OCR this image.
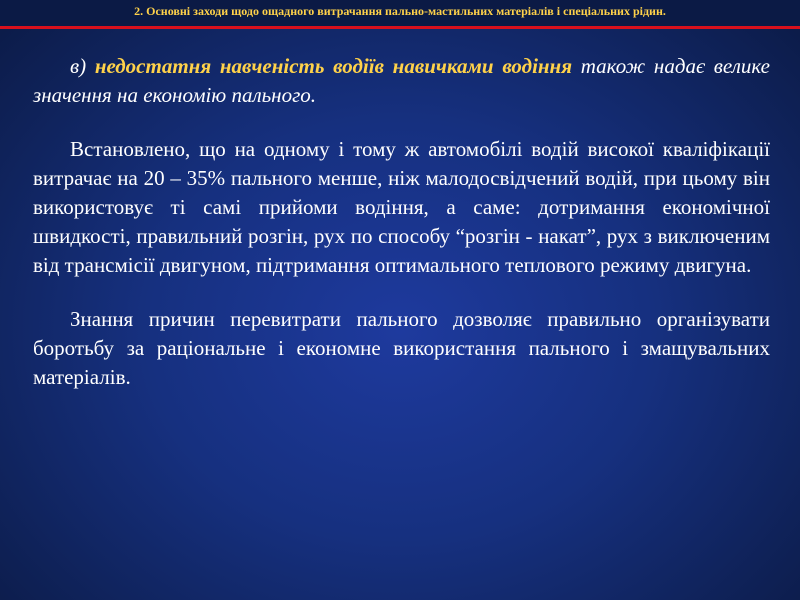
2. Основні заходи щодо ощадного витрачання пально-мастильних матеріалів і спеціальних рідин.

в) недостатня навченість водіїв навичками водіння також надає велике значення на економію пального.

Встановлено, що на одному і тому ж автомобілі водій високої кваліфікації витрачає на 20 – 35% пального менше, ніж малодосвідчений водій, при цьому він використовує ті самі прийоми водіння, а саме: дотримання економічної швидкості, правильний розгін, рух по способу “розгін - накат”, рух з виключеним від трансмісії двигуном, підтримання оптимального теплового режиму двигуна.

Знання причин перевитрати пального дозволяє правильно організувати боротьбу за раціональне і економне використання пального і змащувальних матеріалів.
